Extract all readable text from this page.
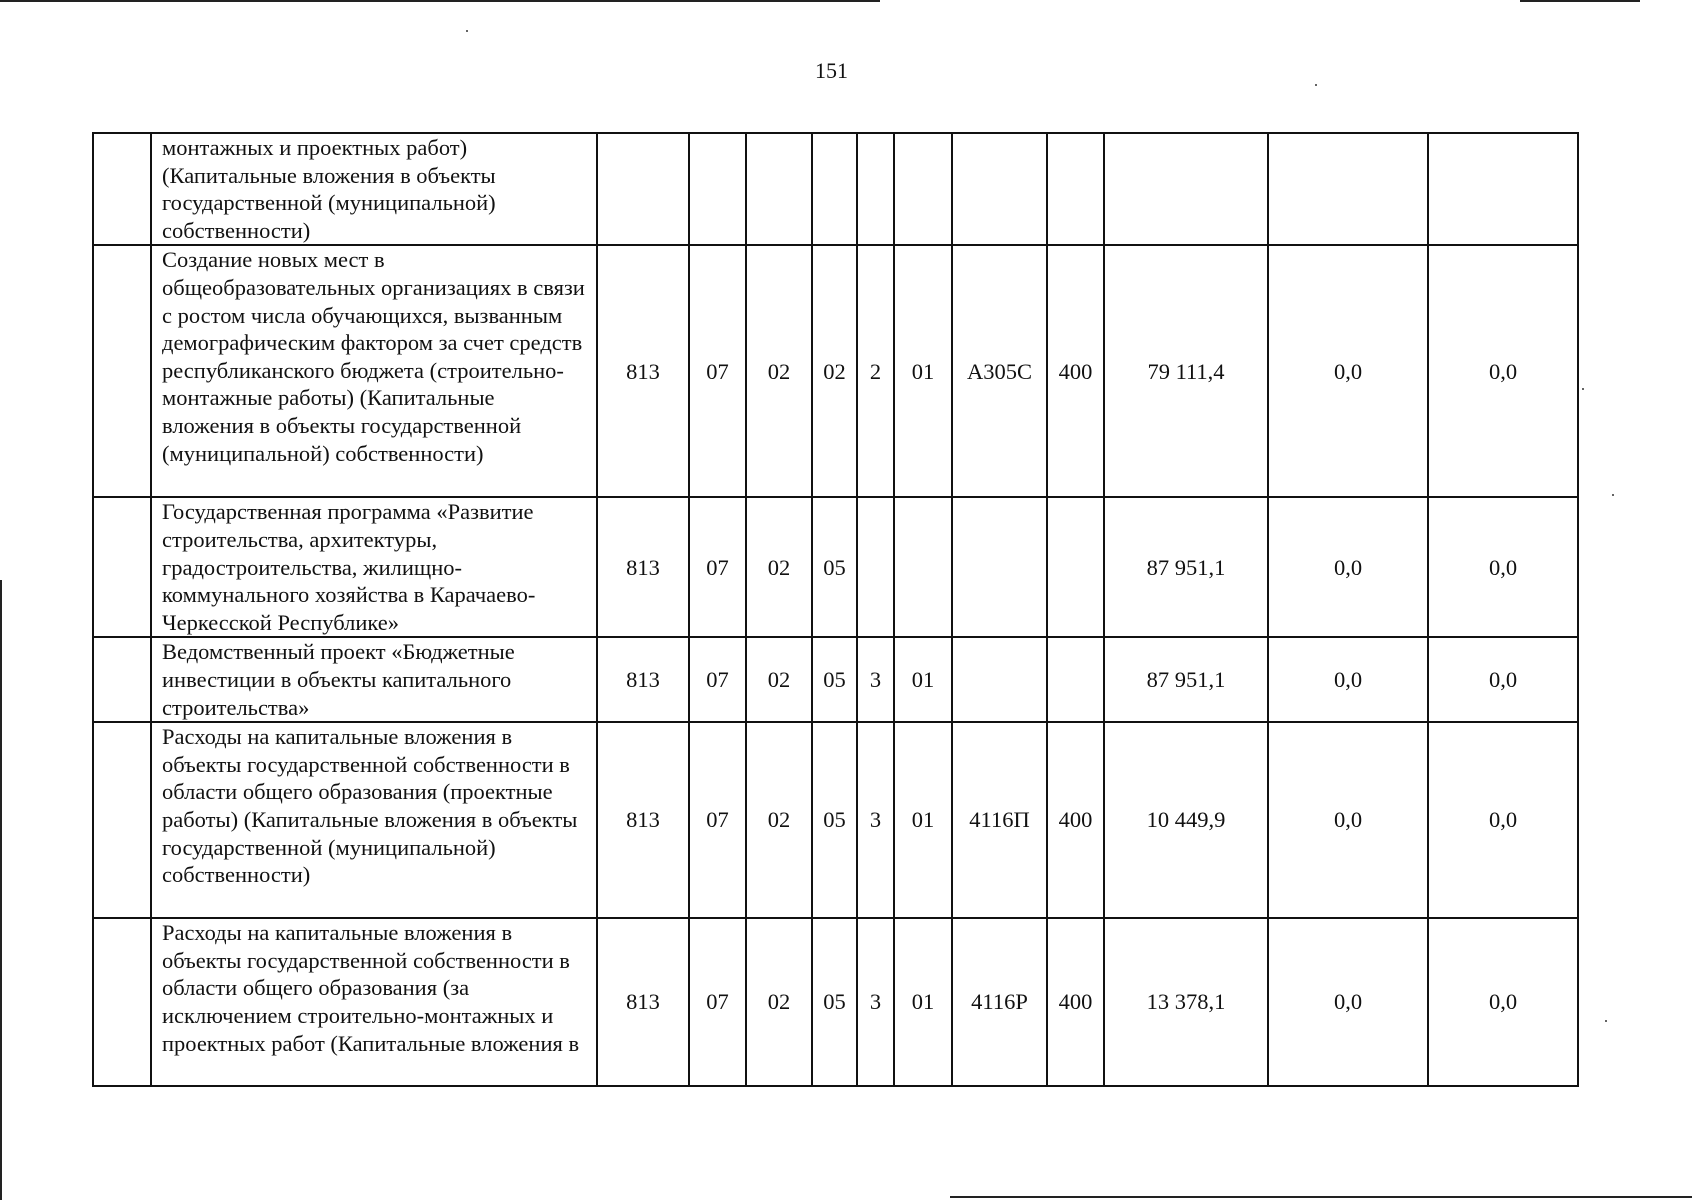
151
	монтажных и проектных работ) (Капитальные вложения в объекты государственной (муниципальной) собственности)											
	Создание новых мест в общеобразовательных организациях в связи с ростом числа обучающихся, вызванным демографическим фактором за счет средств республиканского бюджета (строительно-монтажные работы) (Капитальные вложения в объекты государственной (муниципальной) собственности)	813	07	02	02	2	01	А305С	400	79 111,4	0,0	0,0
	Государственная программа «Развитие строительства, архитектуры, градостроительства, жилищно-коммунального хозяйства в Карачаево-Черкесской Республике»	813	07	02	05					87 951,1	0,0	0,0
	Ведомственный проект «Бюджетные инвестиции в объекты капитального строительства»	813	07	02	05	3	01			87 951,1	0,0	0,0
	Расходы на капитальные вложения в объекты государственной собственности в области общего образования (проектные работы) (Капитальные вложения в объекты государственной (муниципальной) собственности)	813	07	02	05	3	01	4116П	400	10 449,9	0,0	0,0
	Расходы на капитальные вложения в объекты государственной собственности в области общего образования (за исключением строительно-монтажных и проектных работ (Капитальные вложения в	813	07	02	05	3	01	4116Р	400	13 378,1	0,0	0,0
